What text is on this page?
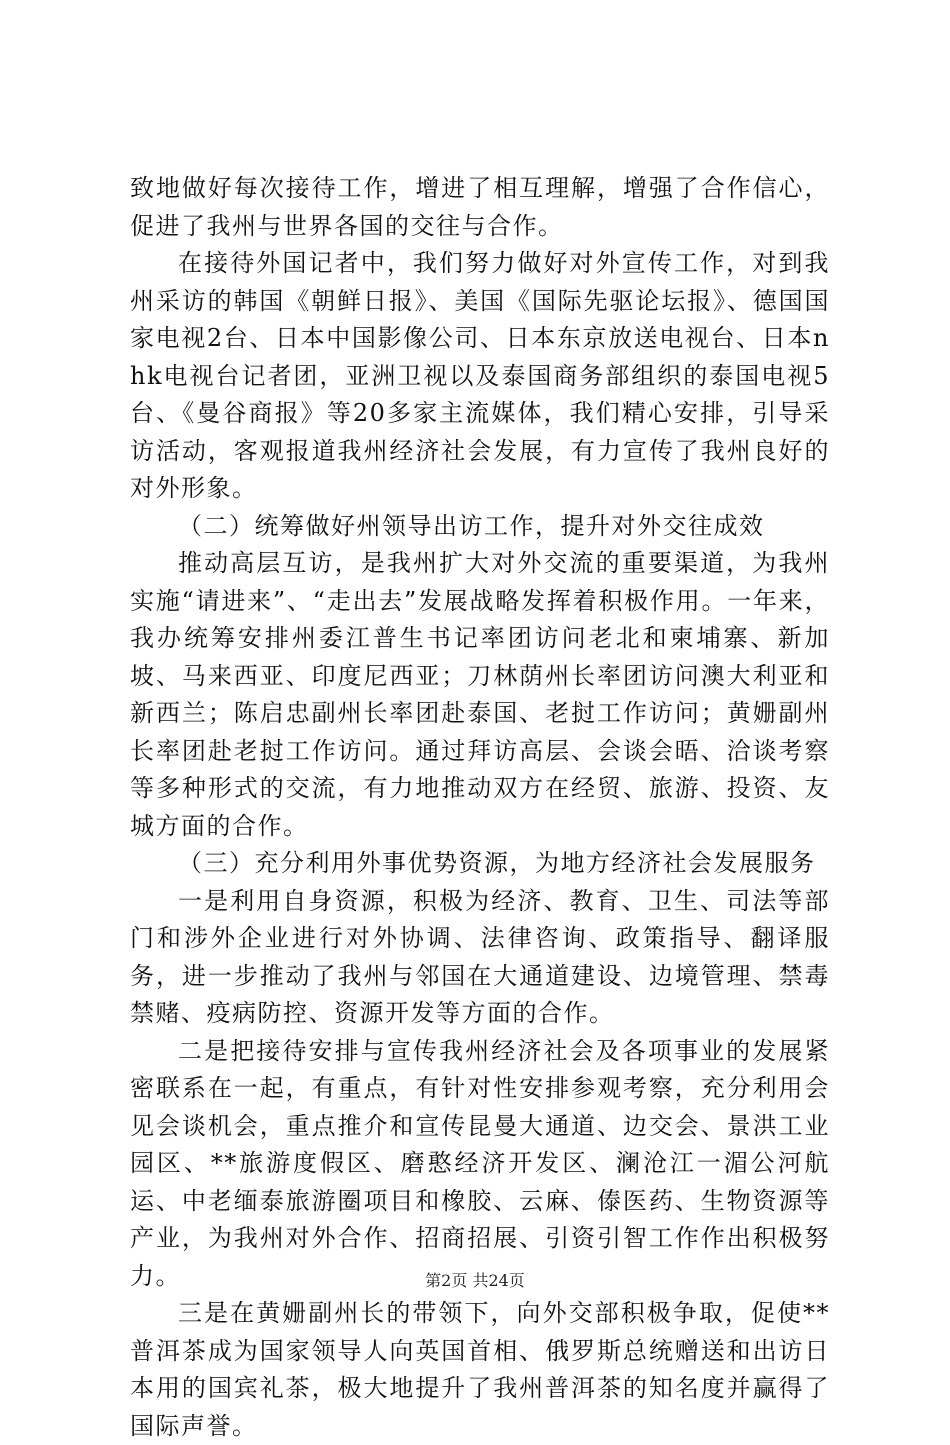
致地做好每次接待工作，增进了相互理解，增强了合作信心，促进了我州与世界各国的交往与合作。

在接待外国记者中，我们努力做好对外宣传工作，对到我州采访的韩国《朝鲜日报》、美国《国际先驱论坛报》、德国国家电视2台、日本中国影像公司、日本东京放送电视台、日本nhk电视台记者团，亚洲卫视以及泰国商务部组织的泰国电视5台、《曼谷商报》等20多家主流媒体，我们精心安排，引导采访活动，客观报道我州经济社会发展，有力宣传了我州良好的对外形象。

（二）统筹做好州领导出访工作，提升对外交往成效

推动高层互访，是我州扩大对外交流的重要渠道，为我州实施“请进来”、“走出去”发展战略发挥着积极作用。一年来，我办统筹安排州委江普生书记率团访问老北和柬埔寨、新加坡、马来西亚、印度尼西亚；刀林荫州长率团访问澳大利亚和新西兰；陈启忠副州长率团赴泰国、老挝工作访问；黄姗副州长率团赴老挝工作访问。通过拜访高层、会谈会晤、洽谈考察等多种形式的交流，有力地推动双方在经贸、旅游、投资、友城方面的合作。

（三）充分利用外事优势资源，为地方经济社会发展服务

一是利用自身资源，积极为经济、教育、卫生、司法等部门和涉外企业进行对外协调、法律咨询、政策指导、翻译服务，进一步推动了我州与邻国在大通道建设、边境管理、禁毒禁赌、疫病防控、资源开发等方面的合作。

二是把接待安排与宣传我州经济社会及各项事业的发展紧密联系在一起，有重点，有针对性安排参观考察，充分利用会见会谈机会，重点推介和宣传昆曼大通道、边交会、景洪工业园区、**旅游度假区、磨憨经济开发区、澜沧江一湄公河航运、中老缅泰旅游圈项目和橡胶、云麻、傣医药、生物资源等产业，为我州对外合作、招商招展、引资引智工作作出积极努力。

三是在黄姗副州长的带领下，向外交部积极争取，促使**普洱茶成为国家领导人向英国首相、俄罗斯总统赠送和出访日本用的国宾礼茶，极大地提升了我州普洱茶的知名度并赢得了国际声誉。

第2页 共24页
